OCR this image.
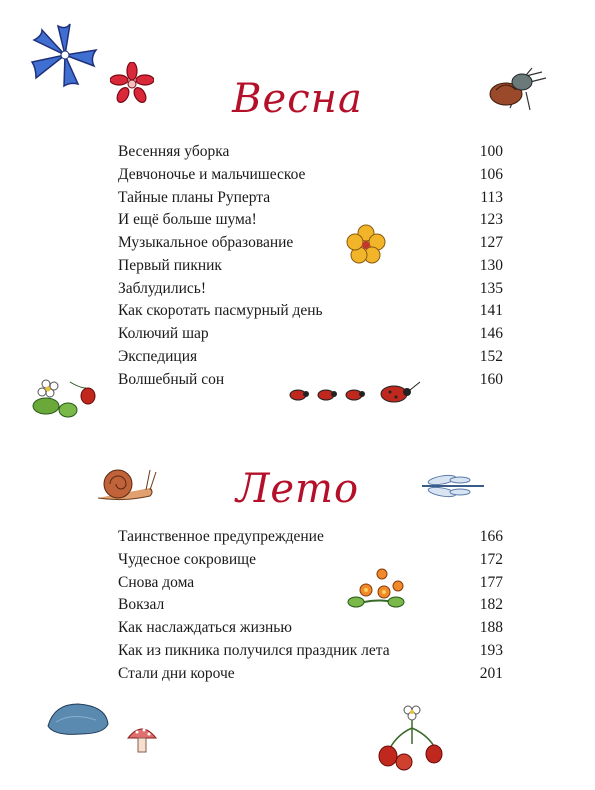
Весна
Весенняя уборка	100
Девчоночье и мальчишеское	106
Тайные планы Руперта	113
И ещё больше шума!	123
Музыкальное образование	127
Первый пикник	130
Заблудились!	135
Как скоротать пасмурный день	141
Колючий шар	146
Экспедиция	152
Волшебный сон	160
Лето
Таинственное предупреждение	166
Чудесное сокровище	172
Снова дома	177
Вокзал	182
Как наслаждаться жизнью	188
Как из пикника получился праздник лета	193
Стали дни короче	201
